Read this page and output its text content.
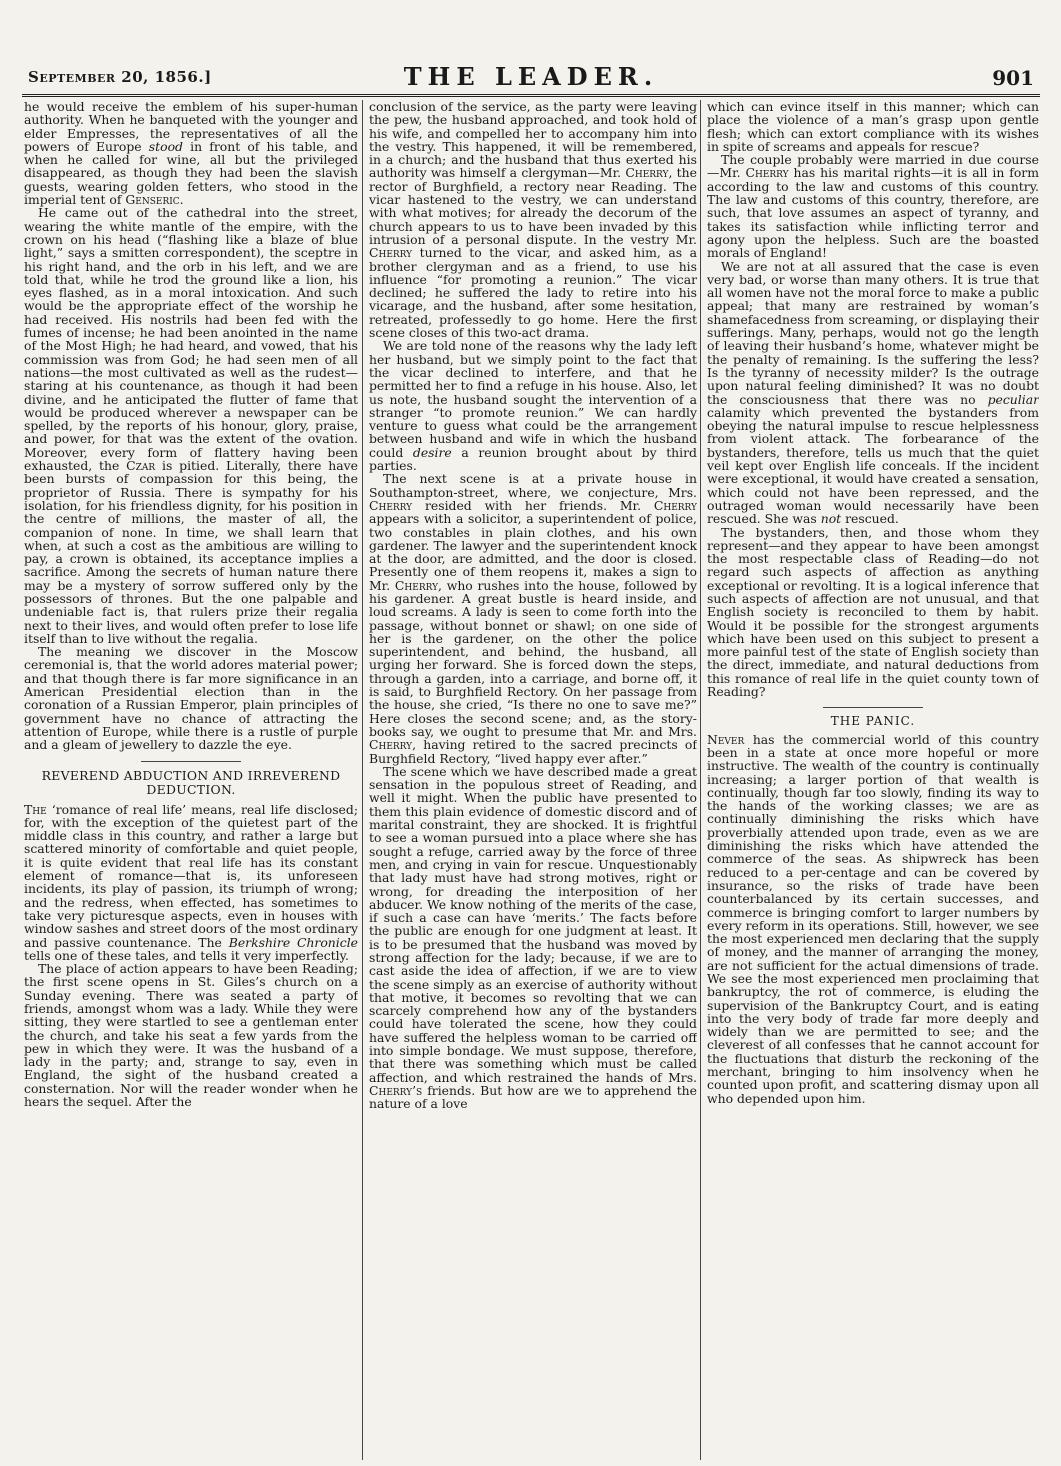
September 20, 1856.]	THE LEADER.	901

he would receive the emblem of his super-human authority. When he banqueted with the younger and elder Empresses, the representatives of all the powers of Europe stood in front of his table, and when he called for wine, all but the privileged disappeared, as though they had been the slavish guests, wearing golden fetters, who stood in the imperial tent of Genseric.

He came out of the cathedral into the street, wearing the white mantle of the empire, with the crown on his head (“flashing like a blaze of blue light,” says a smitten correspondent), the sceptre in his right hand, and the orb in his left, and we are told that, while he trod the ground like a lion, his eyes flashed, as in a moral intoxication. And such would be the appropriate effect of the worship he had received. His nostrils had been fed with the fumes of incense; he had been anointed in the name of the Most High; he had heard, and vowed, that his commission was from God; he had seen men of all nations—the most cultivated as well as the rudest—staring at his countenance, as though it had been divine, and he anticipated the flutter of fame that would be produced wherever a newspaper can be spelled, by the reports of his honour, glory, praise, and power, for that was the extent of the ovation. Moreover, every form of flattery having been exhausted, the Czar is pitied. Literally, there have been bursts of compassion for this being, the proprietor of Russia. There is sympathy for his isolation, for his friendless dignity, for his position in the centre of millions, the master of all, the companion of none. In time, we shall learn that when, at such a cost as the ambitious are willing to pay, a crown is obtained, its acceptance implies a sacrifice. Among the secrets of human nature there may be a mystery of sorrow suffered only by the possessors of thrones. But the one palpable and undeniable fact is, that rulers prize their regalia next to their lives, and would often prefer to lose life itself than to live without the regalia.

The meaning we discover in the Moscow ceremonial is, that the world adores material power; and that though there is far more significance in an American Presidential election than in the coronation of a Russian Emperor, plain principles of government have no chance of attracting the attention of Europe, while there is a rustle of purple and a gleam of jewellery to dazzle the eye.

REVEREND ABDUCTION AND IRREVEREND DEDUCTION.

The ‘romance of real life’ means, real life disclosed; for, with the exception of the quietest part of the middle class in this country, and rather a large but scattered minority of comfortable and quiet people, it is quite evident that real life has its constant element of romance—that is, its unforeseen incidents, its play of passion, its triumph of wrong; and the redress, when effected, has sometimes to take very picturesque aspects, even in houses with window sashes and street doors of the most ordinary and passive countenance. The Berkshire Chronicle tells one of these tales, and tells it very imperfectly.

The place of action appears to have been Reading; the first scene opens in St. Giles’s church on a Sunday evening. There was seated a party of friends, amongst whom was a lady. While they were sitting, they were startled to see a gentleman enter the church, and take his seat a few yards from the pew in which they were. It was the husband of a lady in the party; and, strange to say, even in England, the sight of the husband created a consternation. Nor will the reader wonder when he hears the sequel. After the

conclusion of the service, as the party were leaving the pew, the husband approached, and took hold of his wife, and compelled her to accompany him into the vestry. This happened, it will be remembered, in a church; and the husband that thus exerted his authority was himself a clergyman—Mr. Cherry, the rector of Burghfield, a rectory near Reading. The vicar hastened to the vestry, we can understand with what motives; for already the decorum of the church appears to us to have been invaded by this intrusion of a personal dispute. In the vestry Mr. Cherry turned to the vicar, and asked him, as a brother clergyman and as a friend, to use his influence “for promoting a reunion.” The vicar declined; he suffered the lady to retire into his vicarage, and the husband, after some hesitation, retreated, professedly to go home. Here the first scene closes of this two-act drama.

We are told none of the reasons why the lady left her husband, but we simply point to the fact that the vicar declined to interfere, and that he permitted her to find a refuge in his house. Also, let us note, the husband sought the intervention of a stranger “to promote reunion.” We can hardly venture to guess what could be the arrangement between husband and wife in which the husband could desire a reunion brought about by third parties.

The next scene is at a private house in Southampton-street, where, we conjecture, Mrs. Cherry resided with her friends. Mr. Cherry appears with a solicitor, a superintendent of police, two constables in plain clothes, and his own gardener. The lawyer and the superintendent knock at the door, are admitted, and the door is closed. Presently one of them reopens it, makes a sign to Mr. Cherry, who rushes into the house, followed by his gardener. A great bustle is heard inside, and loud screams. A lady is seen to come forth into the passage, without bonnet or shawl; on one side of her is the gardener, on the other the police superintendent, and behind, the husband, all urging her forward. She is forced down the steps, through a garden, into a carriage, and borne off, it is said, to Burghfield Rectory. On her passage from the house, she cried, “Is there no one to save me?” Here closes the second scene; and, as the story-books say, we ought to presume that Mr. and Mrs. Cherry, having retired to the sacred precincts of Burghfield Rectory, “lived happy ever after.”

The scene which we have described made a great sensation in the populous street of Reading, and well it might. When the public have presented to them this plain evidence of domestic discord and of marital constraint, they are shocked. It is frightful to see a woman pursued into a place where she has sought a refuge, carried away by the force of three men, and crying in vain for rescue. Unquestionably that lady must have had strong motives, right or wrong, for dreading the interposition of her abducer. We know nothing of the merits of the case, if such a case can have ‘merits.’ The facts before the public are enough for one judgment at least. It is to be presumed that the husband was moved by strong affection for the lady; because, if we are to cast aside the idea of affection, if we are to view the scene simply as an exercise of authority without that motive, it becomes so revolting that we can scarcely comprehend how any of the bystanders could have tolerated the scene, how they could have suffered the helpless woman to be carried off into simple bondage. We must suppose, therefore, that there was something which must be called affection, and which restrained the hands of Mrs. Cherry’s friends. But how are we to apprehend the nature of a love

which can evince itself in this manner; which can place the violence of a man’s grasp upon gentle flesh; which can extort compliance with its wishes in spite of screams and appeals for rescue?

The couple probably were married in due course—Mr. Cherry has his marital rights—it is all in form according to the law and customs of this country. The law and customs of this country, therefore, are such, that love assumes an aspect of tyranny, and takes its satisfaction while inflicting terror and agony upon the helpless. Such are the boasted morals of England!

We are not at all assured that the case is even very bad, or worse than many others. It is true that all women have not the moral force to make a public appeal; that many are restrained by woman’s shamefacedness from screaming, or displaying their sufferings. Many, perhaps, would not go the length of leaving their husband’s home, whatever might be the penalty of remaining. Is the suffering the less? Is the tyranny of necessity milder? Is the outrage upon natural feeling diminished? It was no doubt the consciousness that there was no peculiar calamity which prevented the bystanders from obeying the natural impulse to rescue helplessness from violent attack. The forbearance of the bystanders, therefore, tells us much that the quiet veil kept over English life conceals. If the incident were exceptional, it would have created a sensation, which could not have been repressed, and the outraged woman would necessarily have been rescued. She was not rescued.

The bystanders, then, and those whom they represent—and they appear to have been amongst the most respectable class of Reading—do not regard such aspects of affection as anything exceptional or revolting. It is a logical inference that such aspects of affection are not unusual, and that English society is reconciled to them by habit. Would it be possible for the strongest arguments which have been used on this subject to present a more painful test of the state of English society than the direct, immediate, and natural deductions from this romance of real life in the quiet county town of Reading?

THE PANIC.

Never has the commercial world of this country been in a state at once more hopeful or more instructive. The wealth of the country is continually increasing; a larger portion of that wealth is continually, though far too slowly, finding its way to the hands of the working classes; we are as continually diminishing the risks which have proverbially attended upon trade, even as we are diminishing the risks which have attended the commerce of the seas. As shipwreck has been reduced to a per-centage and can be covered by insurance, so the risks of trade have been counterbalanced by its certain successes, and commerce is bringing comfort to larger numbers by every reform in its operations. Still, however, we see the most experienced men declaring that the supply of money, and the manner of arranging the money, are not sufficient for the actual dimensions of trade. We see the most experienced men proclaiming that bankruptcy, the rot of commerce, is eluding the supervision of the Bankruptcy Court, and is eating into the very body of trade far more deeply and widely than we are permitted to see; and the cleverest of all confesses that he cannot account for the fluctuations that disturb the reckoning of the merchant, bringing to him insolvency when he counted upon profit, and scattering dismay upon all who depended upon him.
